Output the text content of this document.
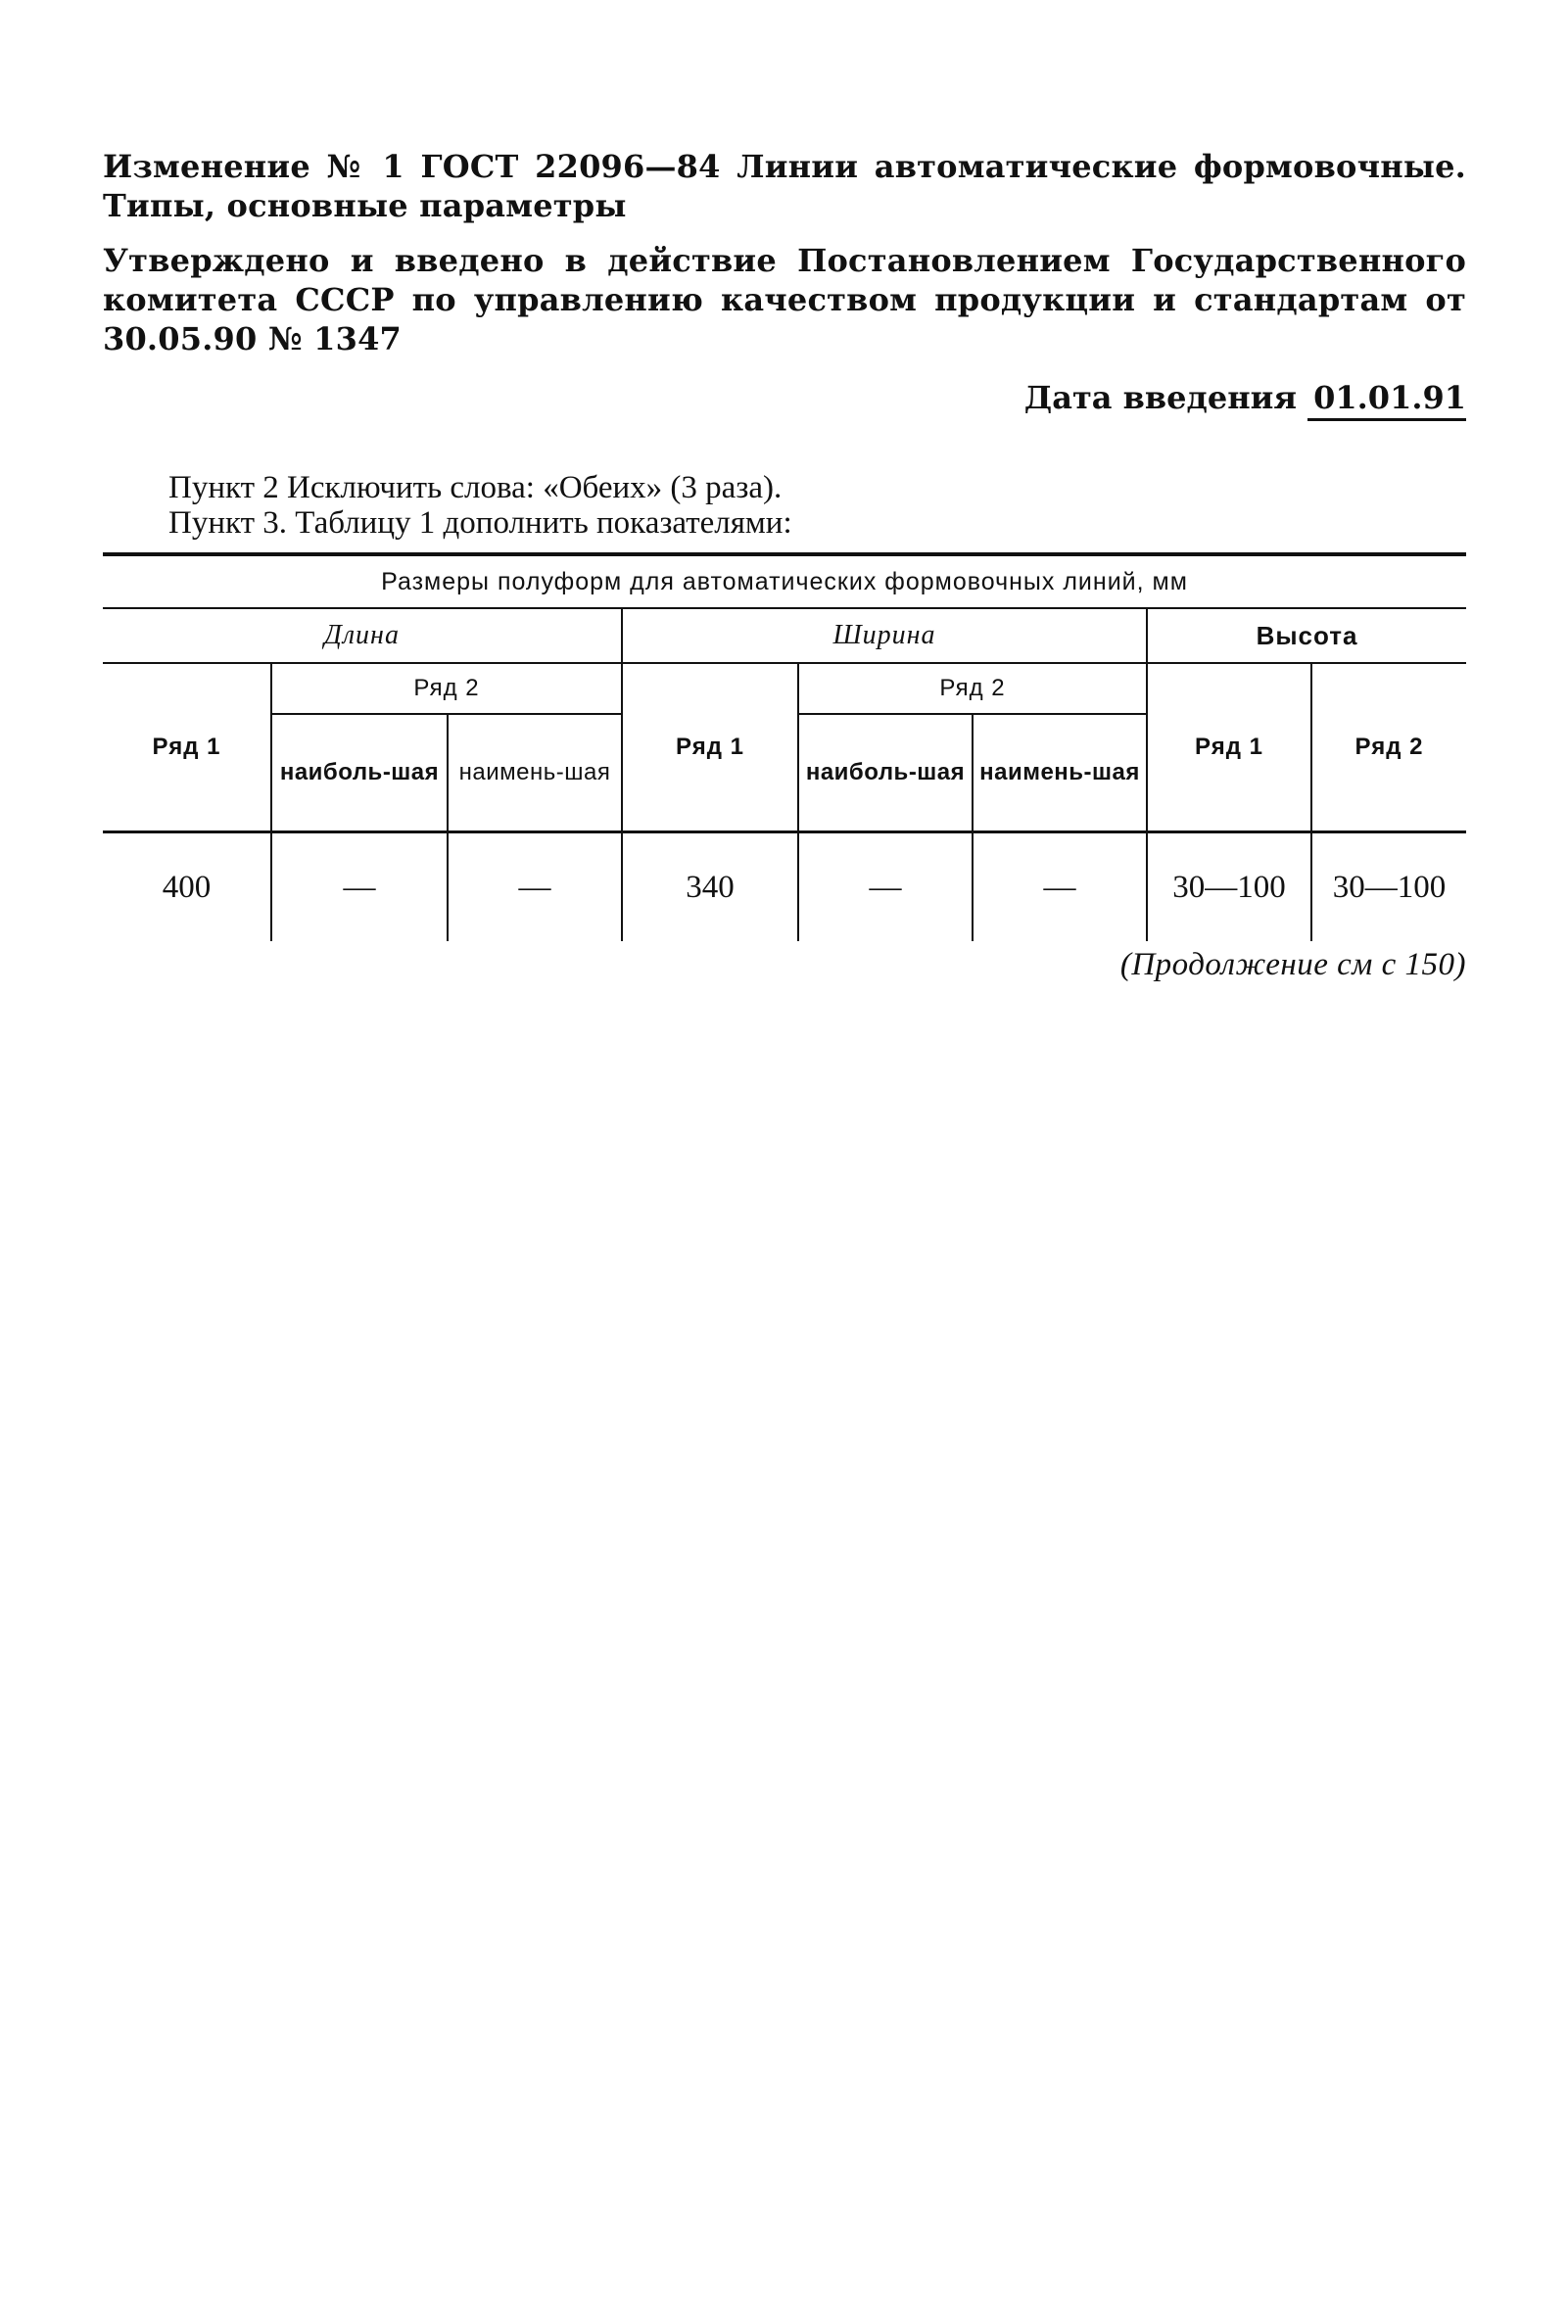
Изменение № 1 ГОСТ 22096—84 Линии автоматические формовочные. Типы, основные параметры

Утверждено и введено в действие Постановлением Государственного комитета СССР по управлению качеством продукции и стандартам от 30.05.90 № 1347

Дата введения 01.01.91

Пункт 2 Исключить слова: «Обеих» (3 раза).

Пункт 3. Таблицу 1 дополнить показателями:

Размеры полуформ для автоматических формовочных линий, мм							
Длина			Ширина			Высота	
Ряд 1	Ряд 2		Ряд 1	Ряд 2		Ряд 1	Ряд 2
	наиболь-шая	наимень-шая		наиболь-шая	наимень-шая		
400	—	—	340	—	—	30—100	30—100
(Продолжение см с 150)
